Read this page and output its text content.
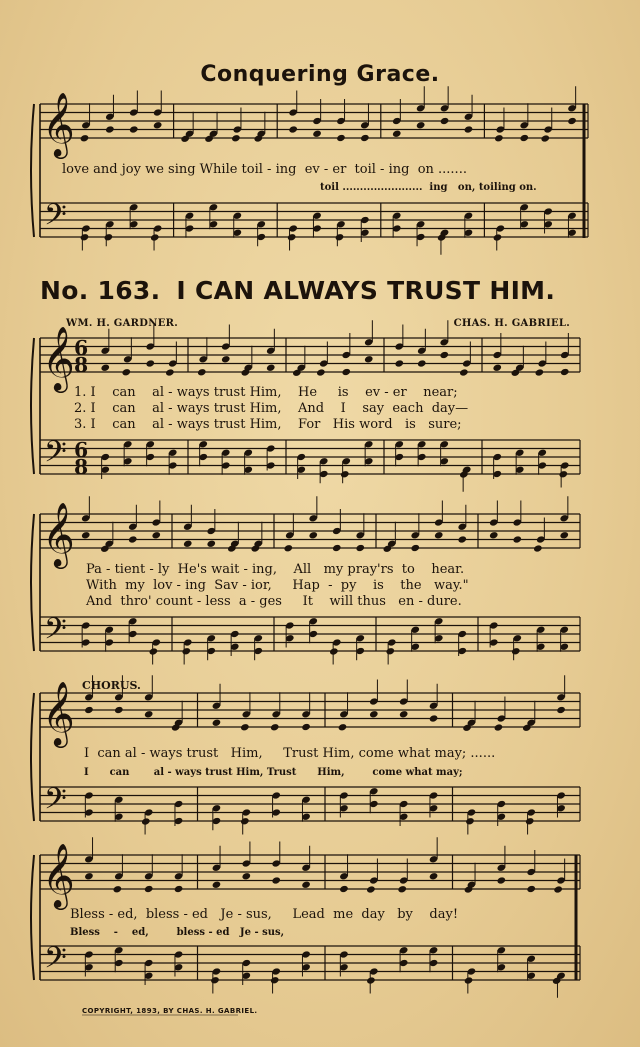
Conquering Grace.
𝄞
𝄢
𝄞
𝄢
6
8
6
8
𝄞
𝄢
𝄞
𝄢
𝄞
𝄢
love and joy we sing While toil - ing  ev - er  toil - ing  on .......
toil .......................  ing   on, toiling on.
No. 163. I CAN ALWAYS TRUST HIM.
WM. H. GARDNER.	CHAS. H. GABRIEL.
1. I    can    al - ways trust Him,    He     is    ev - er    near;
2. I    can    al - ways trust Him,    And    I    say  each  day—
3. I    can    al - ways trust Him,    For   His word   is   sure;
Pa - tient - ly  He's wait - ing,    All   my pray'rs  to    hear.
With  my  lov - ing  Sav - ior,     Hap  -  py    is    the   way."
And  thro' count - less  a - ges     It    will thus   en - dure.
CHORUS.
I  can al - ways trust   Him,     Trust Him, come what may; ......
I      can       al - ways trust Him, Trust      Him,        come what may;
Bless - ed,  bless - ed   Je - sus,     Lead  me  day   by    day!
Bless    -    ed,        bless - ed   Je - sus,
COPYRIGHT, 1893, BY CHAS. H. GABRIEL.
